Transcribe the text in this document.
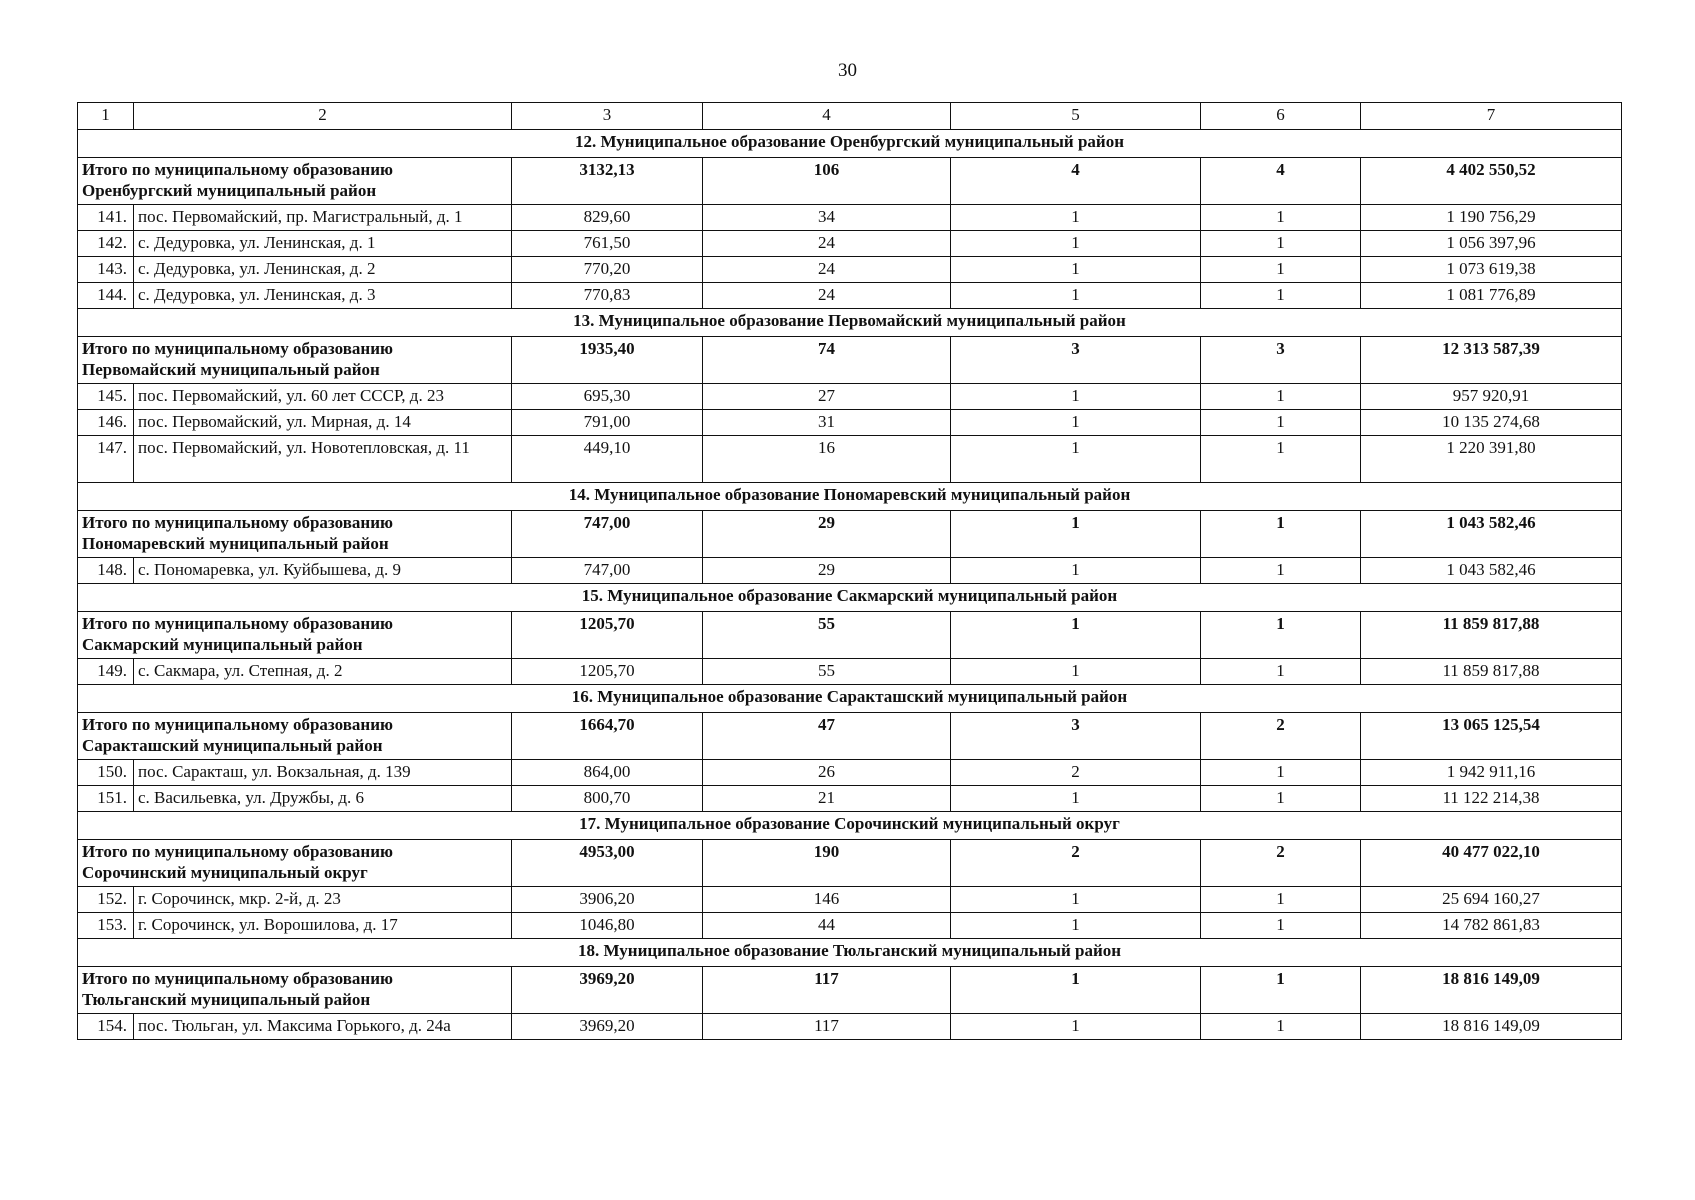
30
1	2	3	4	5	6	7
12. Муниципальное образование Оренбургский муниципальный район						

Итого по муниципальному образованию
Оренбургский муниципальный район		3132,13	106	4	4	4 402 550,52
141.	пос. Первомайский, пр. Магистральный, д. 1	829,60	34	1	1	1 190 756,29
142.	с. Дедуровка, ул. Ленинская, д. 1	761,50	24	1	1	1 056 397,96
143.	с. Дедуровка, ул. Ленинская, д. 2	770,20	24	1	1	1 073 619,38
144.	с. Дедуровка, ул. Ленинская, д. 3	770,83	24	1	1	1 081 776,89
13. Муниципальное образование Первомайский муниципальный район						

Итого по муниципальному образованию
Первомайский муниципальный район		1935,40	74	3	3	12 313 587,39
145.	пос. Первомайский, ул. 60 лет СССР, д. 23	695,30	27	1	1	957 920,91
146.	пос. Первомайский, ул. Мирная, д. 14	791,00	31	1	1	10 135 274,68
147.	пос. Первомайский, ул. Новотепловская, д. 11	449,10	16	1	1	1 220 391,80
14. Муниципальное образование Пономаревский муниципальный район						

Итого по муниципальному образованию
Пономаревский муниципальный район		747,00	29	1	1	1 043 582,46
148.	с. Пономаревка, ул. Куйбышева, д. 9	747,00	29	1	1	1 043 582,46
15. Муниципальное образование Сакмарский муниципальный район						

Итого по муниципальному образованию
Сакмарский муниципальный район		1205,70	55	1	1	11 859 817,88
149.	с. Сакмара, ул. Степная, д. 2	1205,70	55	1	1	11 859 817,88
16. Муниципальное образование Саракташский муниципальный район						

Итого по муниципальному образованию
Саракташский муниципальный район		1664,70	47	3	2	13 065 125,54
150.	пос. Саракташ, ул. Вокзальная, д. 139	864,00	26	2	1	1 942 911,16
151.	с. Васильевка, ул. Дружбы, д. 6	800,70	21	1	1	11 122 214,38
17. Муниципальное образование Сорочинский муниципальный округ						

Итого по муниципальному образованию
Сорочинский муниципальный округ		4953,00	190	2	2	40 477 022,10
152.	г. Сорочинск, мкр. 2-й, д. 23	3906,20	146	1	1	25 694 160,27
153.	г. Сорочинск, ул. Ворошилова, д. 17	1046,80	44	1	1	14 782 861,83
18. Муниципальное образование Тюльганский муниципальный район						

Итого по муниципальному образованию
Тюльганский муниципальный район		3969,20	117	1	1	18 816 149,09
154.	пос. Тюльган, ул. Максима Горького, д. 24а	3969,20	117	1	1	18 816 149,09
